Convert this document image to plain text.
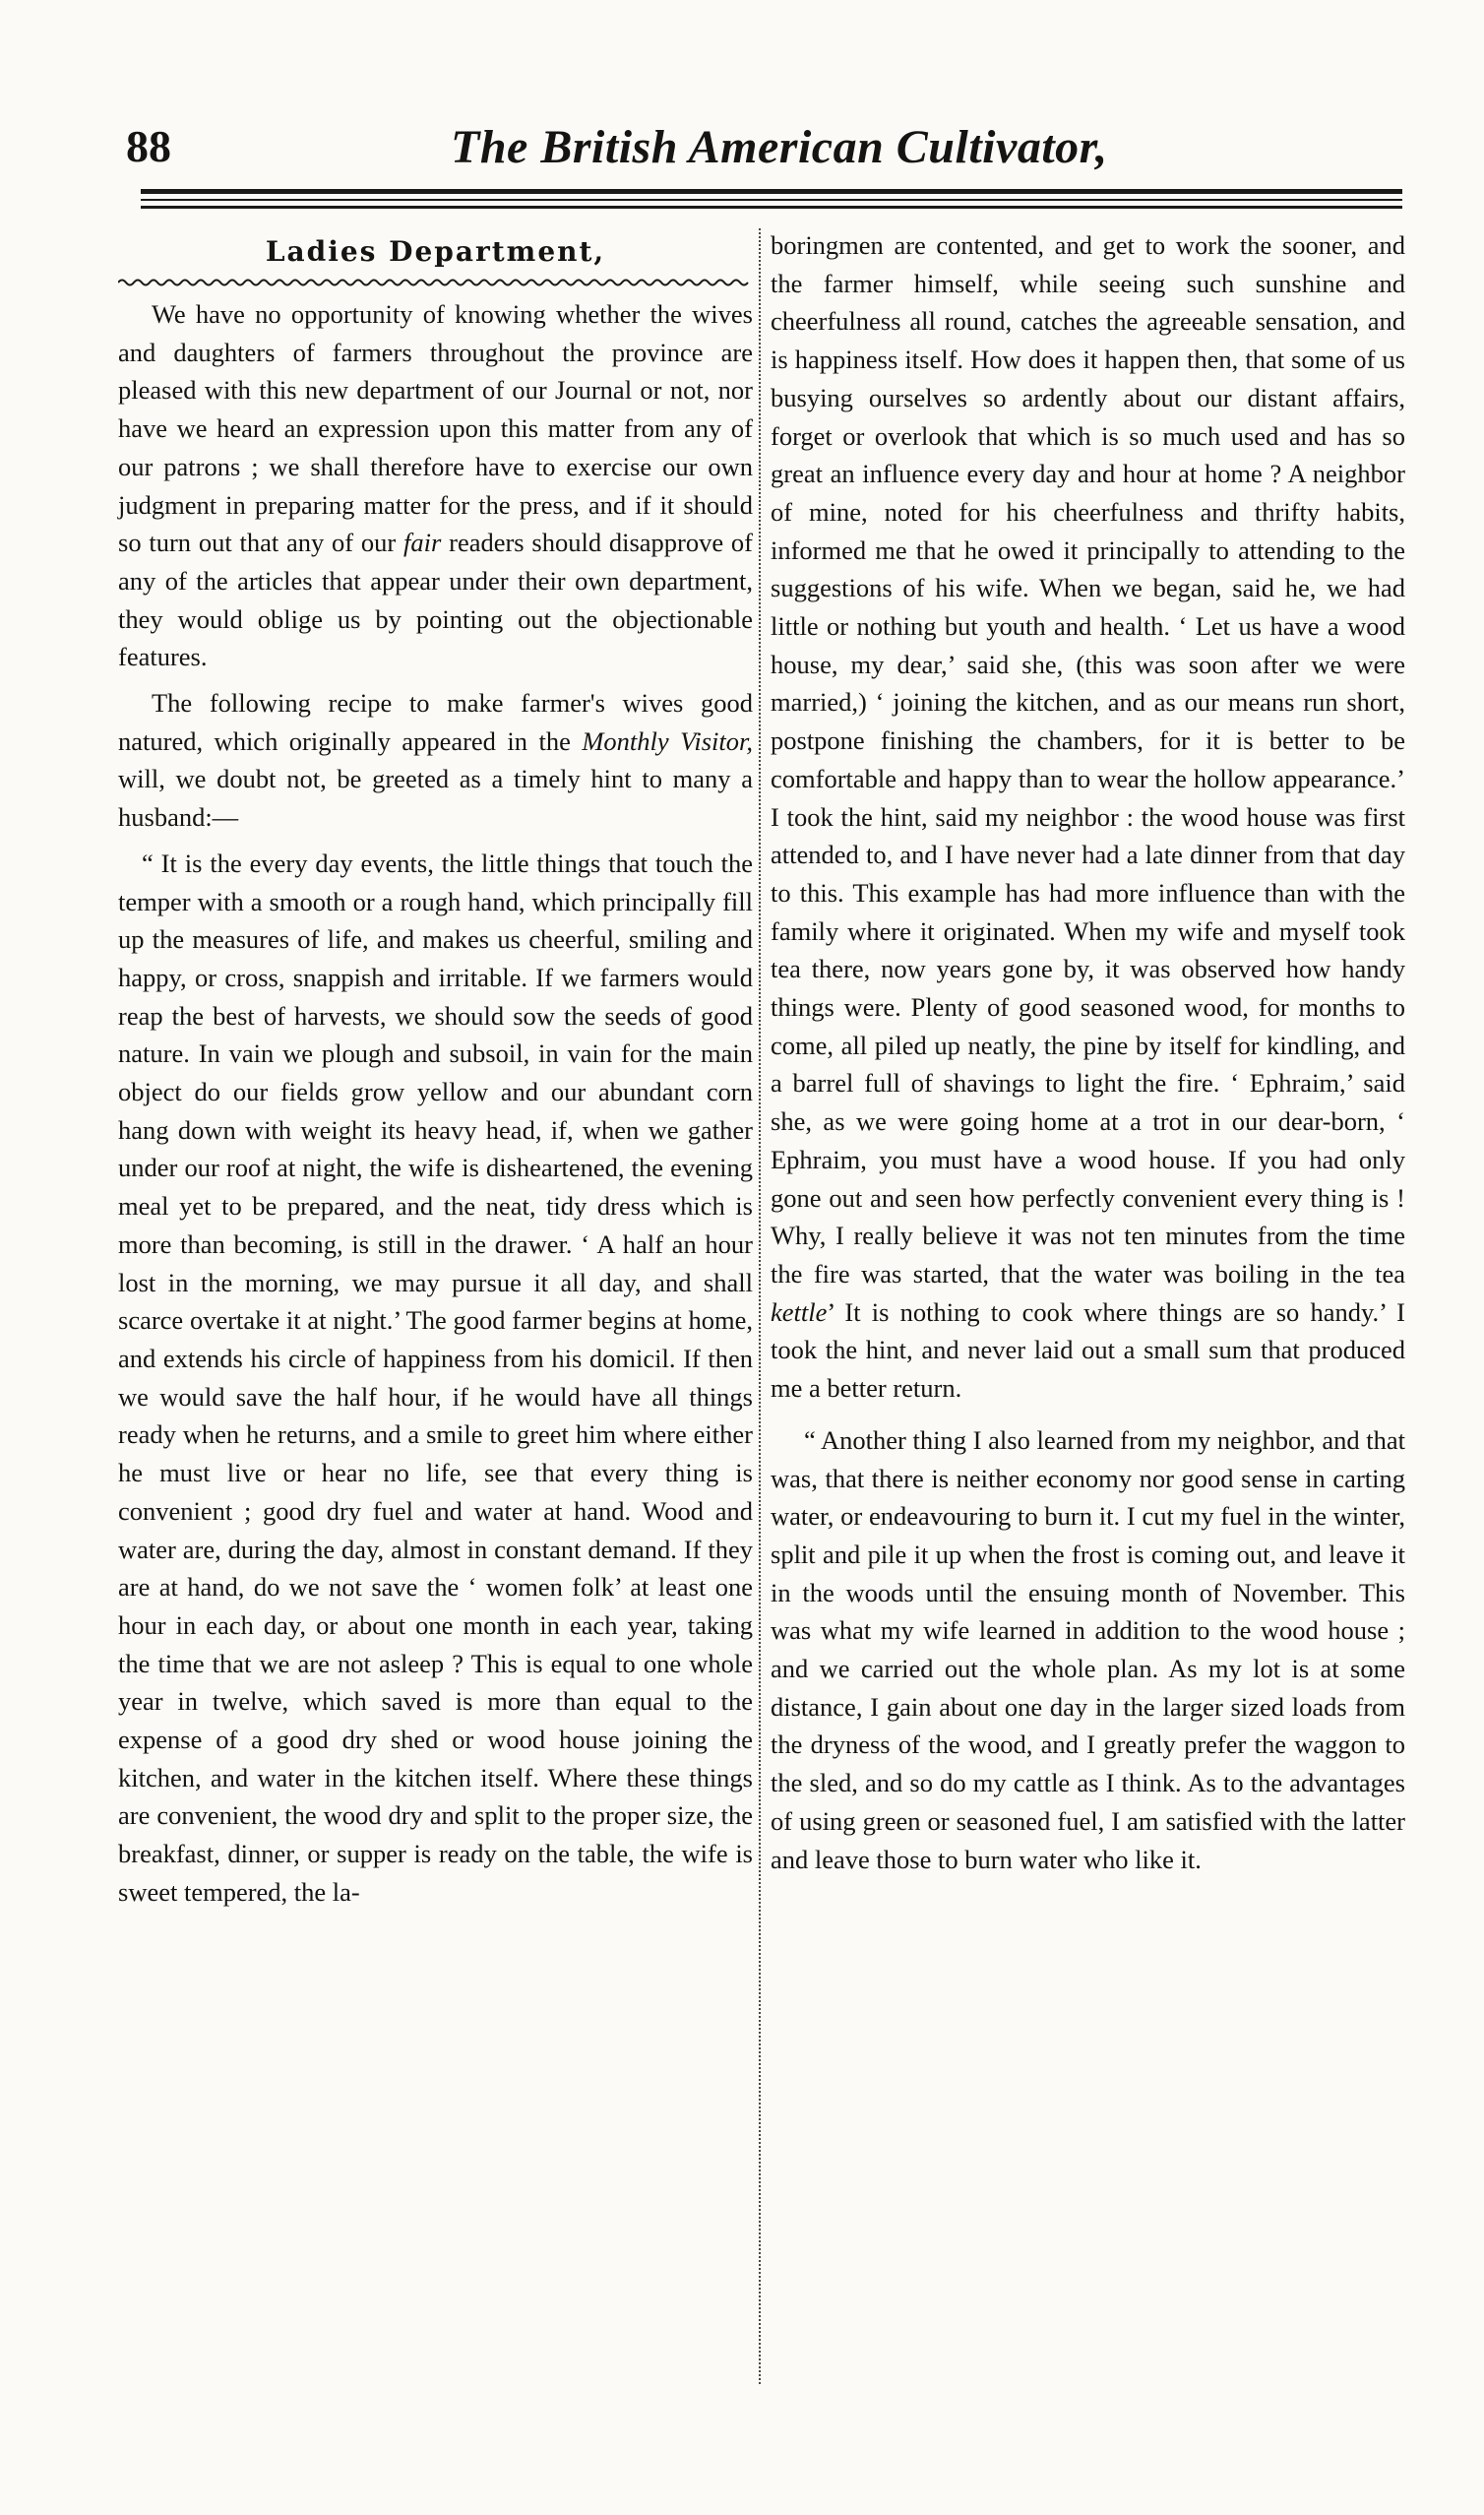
88	The British American Cultivator,
Ladies Department,

We have no opportunity of knowing whether the wives and daughters of farmers throughout the province are pleased with this new department of our Journal or not, nor have we heard an expression upon this matter from any of our patrons ; we shall therefore have to exercise our own judgment in preparing matter for the press, and if it should so turn out that any of our fair readers should disapprove of any of the articles that appear under their own department, they would oblige us by pointing out the objectionable features.

The following recipe to make farmer's wives good natured, which originally appeared in the Monthly Visitor, will, we doubt not, be greeted as a timely hint to many a husband:—

“ It is the every day events, the little things that touch the temper with a smooth or a rough hand, which principally fill up the measures of life, and makes us cheerful, smiling and happy, or cross, snappish and irritable. If we farmers would reap the best of harvests, we should sow the seeds of good nature. In vain we plough and subsoil, in vain for the main object do our fields grow yellow and our abundant corn hang down with weight its heavy head, if, when we gather under our roof at night, the wife is disheartened, the evening meal yet to be prepared, and the neat, tidy dress which is more than becoming, is still in the drawer. ‘ A half an hour lost in the morning, we may pursue it all day, and shall scarce overtake it at night.’ The good farmer begins at home, and extends his circle of happiness from his domicil. If then we would save the half hour, if he would have all things ready when he returns, and a smile to greet him where either he must live or hear no life, see that every thing is convenient ; good dry fuel and water at hand. Wood and water are, during the day, almost in constant demand. If they are at hand, do we not save the ‘ women folk’ at least one hour in each day, or about one month in each year, taking the time that we are not asleep ? This is equal to one whole year in twelve, which saved is more than equal to the expense of a good dry shed or wood house joining the kitchen, and water in the kitchen itself. Where these things are convenient, the wood dry and split to the proper size, the breakfast, dinner, or supper is ready on the table, the wife is sweet tempered, the la-

boringmen are contented, and get to work the sooner, and the farmer himself, while seeing such sunshine and cheerfulness all round, catches the agreeable sensation, and is happiness itself. How does it happen then, that some of us busying ourselves so ardently about our distant affairs, forget or overlook that which is so much used and has so great an influence every day and hour at home ? A neighbor of mine, noted for his cheerfulness and thrifty habits, informed me that he owed it principally to attending to the suggestions of his wife. When we began, said he, we had little or nothing but youth and health. ‘ Let us have a wood house, my dear,’ said she, (this was soon after we were married,) ‘ joining the kitchen, and as our means run short, postpone finishing the chambers, for it is better to be comfortable and happy than to wear the hollow appearance.’ I took the hint, said my neighbor : the wood house was first attended to, and I have never had a late dinner from that day to this. This example has had more influence than with the family where it originated. When my wife and myself took tea there, now years gone by, it was observed how handy things were. Plenty of good seasoned wood, for months to come, all piled up neatly, the pine by itself for kindling, and a barrel full of shavings to light the fire. ‘ Ephraim,’ said she, as we were going home at a trot in our dear-born, ‘ Ephraim, you must have a wood house. If you had only gone out and seen how perfectly convenient every thing is ! Why, I really believe it was not ten minutes from the time the fire was started, that the water was boiling in the tea kettle’ It is nothing to cook where things are so handy.’ I took the hint, and never laid out a small sum that produced me a better return.

“ Another thing I also learned from my neighbor, and that was, that there is neither economy nor good sense in carting water, or endeavouring to burn it. I cut my fuel in the winter, split and pile it up when the frost is coming out, and leave it in the woods until the ensuing month of November. This was what my wife learned in addition to the wood house ; and we carried out the whole plan. As my lot is at some distance, I gain about one day in the larger sized loads from the dryness of the wood, and I greatly prefer the waggon to the sled, and so do my cattle as I think. As to the advantages of using green or seasoned fuel, I am satisfied with the latter and leave those to burn water who like it.
